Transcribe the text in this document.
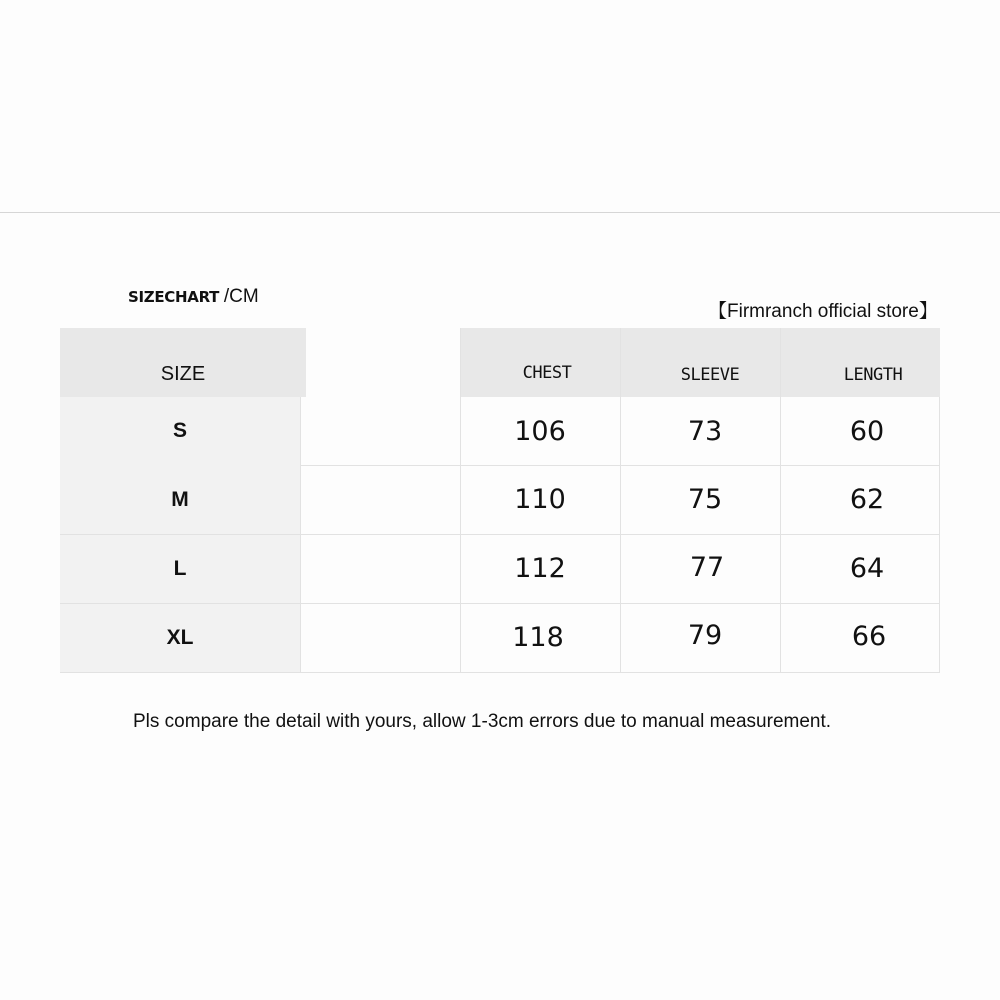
SIZECHART /CM
【Firmranch official store】
SIZE	CHEST	SLEEVE	LENGTH
S	106	73	60
M	110	75	62
L	112	77	64
XL	118	79	66
Pls compare the detail with yours, allow 1-3cm errors due to manual measurement.
